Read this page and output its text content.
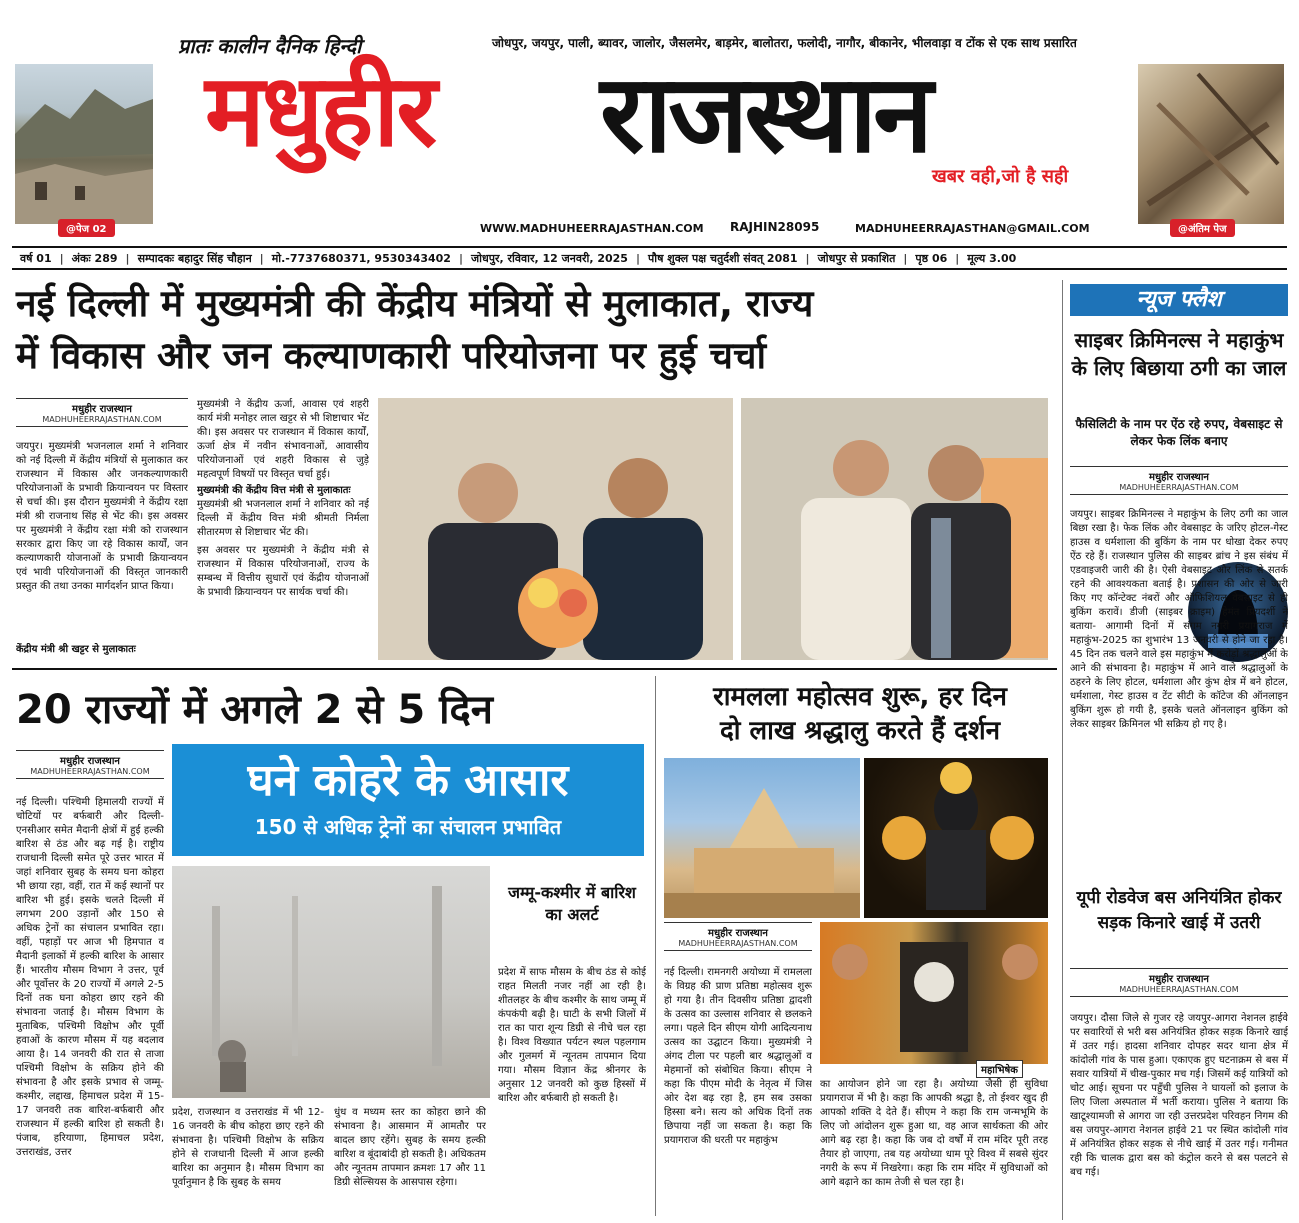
@पेज 02	@अंतिम पेज
प्रातः कालीन दैनिक हिन्दी	जोधपुर, जयपुर, पाली, ब्यावर, जालोर, जैसलमेर, बाड़मेर, बालोतरा, फलोदी, नागौर, बीकानेर, भीलवाड़ा व टोंक से एक साथ प्रसारित
मधुहीर राजस्थान खबर वही,जो है सही
WWW.MADHUHEERRAJASTHAN.COM RAJHIN28095	MADHUHEERRAJASTHAN@GMAIL.COM
वर्ष 01 | अंकः 289 | सम्पादकः बहादुर सिंह चौहान | मो.-7737680371, 9530343402 | जोधपुर, रविवार, 12 जनवरी, 2025 | पौष शुक्ल पक्ष चतुर्दशी संवत् 2081 | जोधपुर से प्रकाशित | पृष्ठ 06 | मूल्य 3.00
नई दिल्ली में मुख्यमंत्री की केंद्रीय मंत्रियों से मुलाकात, राज्य
में विकास और जन कल्याणकारी परियोजना पर हुई चर्चा
मधुहीर राजस्थान
MADHUHEERRAJASTHAN.COM
जयपुर। मुख्यमंत्री भजनलाल शर्मा ने शनिवार को नई दिल्ली में केंद्रीय मंत्रियों से मुलाकात कर राजस्थान में विकास और जनकल्याणकारी परियोजनाओं के प्रभावी क्रियान्वयन पर विस्तार से चर्चा की। इस दौरान मुख्यमंत्री ने केंद्रीय रक्षा मंत्री श्री राजनाथ सिंह से भेंट की। इस अवसर पर मुख्यमंत्री ने केंद्रीय रक्षा मंत्री को राजस्थान सरकार द्वारा किए जा रहे विकास कार्यों, जन कल्याणकारी योजनाओं के प्रभावी क्रियान्वयन एवं भावी परियोजनाओं की विस्तृत जानकारी प्रस्तुत की तथा उनका मार्गदर्शन प्राप्त किया।
केंद्रीय मंत्री श्री खट्टर से मुलाकातः
मुख्यमंत्री ने केंद्रीय ऊर्जा, आवास एवं शहरी कार्य मंत्री मनोहर लाल खट्टर से भी शिष्टाचार भेंट की। इस अवसर पर राजस्थान में विकास कार्यों, ऊर्जा क्षेत्र में नवीन संभावनाओं, आवासीय परियोजनाओं एवं शहरी विकास से जुड़े महत्वपूर्ण विषयों पर विस्तृत चर्चा हुई।
मुख्यमंत्री की केंद्रीय वित्त मंत्री से मुलाकातः
मुख्यमंत्री श्री भजनलाल शर्मा ने शनिवार को नई दिल्ली में केंद्रीय वित्त मंत्री श्रीमती निर्मला सीतारमण से शिष्टाचार भेंट की।
इस अवसर पर मुख्यमंत्री ने केंद्रीय मंत्री से राजस्थान में विकास परियोजनाओं, राज्य के सम्बन्ध में वित्तीय सुधारों एवं केंद्रीय योजनाओं के प्रभावी क्रियान्वयन पर सार्थक चर्चा की।
न्यूज फ्लैश
साइबर क्रिमिनल्स ने महाकुंभ के लिए बिछाया ठगी का जाल
फैसिलिटी के नाम पर ऐंठ रहे रुपए, वेबसाइट से लेकर फेक लिंक बनाए
मधुहीर राजस्थान
MADHUHEERRAJASTHAN.COM
जयपुर। साइबर क्रिमिनल्स ने महाकुंभ के लिए ठगी का जाल बिछा रखा है। फेक लिंक और वेबसाइट के जरिए होटल-गेस्ट हाउस व धर्मशाला की बुकिंग के नाम पर धोखा देकर रुपए ऐंठ रहे हैं। राजस्थान पुलिस की साइबर ब्रांच ने इस संबंध में एडवाइजरी जारी की है। ऐसी वेबसाइट और लिंक से सतर्क रहने की आवश्यकता बताई है। प्रशासन की ओर से जारी किए गए कॉन्टेक्ट नंबरों और ऑफिशियल वेबसाइट से ही बुकिंग करावें। डीजी (साइबर क्राइम) हेमंत प्रियदर्शी ने बताया- आगामी दिनों में संगम नगरी प्रयागराज में महाकुंभ-2025 का शुभारंभ 13 जनवरी से होने जा रहा है। 45 दिन तक चलने वाले इस महाकुंभ में करोड़ों श्रद्धालुओं के आने की संभावना है। महाकुंभ में आने वाले श्रद्धालुओं के ठहरने के लिए होटल, धर्मशाला और कुंभ क्षेत्र में बने होटल, धर्मशाला, गेस्ट हाउस व टेंट सीटी के कॉटेज की ऑनलाइन बुकिंग शुरू हो गयी है, इसके चलते ऑनलाइन बुकिंग को लेकर साइबर क्रिमिनल भी सक्रिय हो गए है।
यूपी रोडवेज बस अनियंत्रित होकर सड़क किनारे खाई में उतरी
मधुहीर राजस्थान
MADHUHEERRAJASTHAN.COM
जयपुर। दौसा जिले से गुजर रहे जयपुर-आगरा नेशनल हाईवे पर सवारियों से भरी बस अनियंत्रित होकर सड़क किनारे खाई में उतर गई। हादसा शनिवार दोपहर सदर थाना क्षेत्र में कांदोली गांव के पास हुआ। एकाएक हुए घटनाक्रम से बस में सवार यात्रियों में चीख-पुकार मच गई। जिसमें कई यात्रियों को चोट आई। सूचना पर पहुँची पुलिस ने घायलों को इलाज के लिए जिला अस्पताल में भर्ती कराया। पुलिस ने बताया कि खाटूश्यामजी से आगरा जा रही उत्तरप्रदेश परिवहन निगम की बस जयपुर-आगरा नेशनल हाईवे 21 पर स्थित कांदोली गांव में अनियंत्रित होकर सड़क से नीचे खाई में उतर गई। गनीमत रही कि चालक द्वारा बस को कंट्रोल करने से बस पलटने से बच गई।
20 राज्यों में अगले 2 से 5 दिन
मधुहीर राजस्थान
MADHUHEERRAJASTHAN.COM	घने कोहरे के आसार
150 से अधिक ट्रेनों का संचालन प्रभावित
नई दिल्ली। पश्चिमी हिमालयी राज्यों में चोटियों पर बर्फबारी और दिल्ली-एनसीआर समेत मैदानी क्षेत्रों में हुई हल्की बारिश से ठंड और बढ़ गई है। राष्ट्रीय राजधानी दिल्ली समेत पूरे उत्तर भारत में जहां शनिवार सुबह के समय घना कोहरा भी छाया रहा, वहीं, रात में कई स्थानों पर बारिश भी हुई। इसके चलते दिल्ली में लगभग 200 उड़ानों और 150 से अधिक ट्रेनों का संचालन प्रभावित रहा। वहीं, पहाड़ों पर आज भी हिमपात व मैदानी इलाकों में हल्की बारिश के आसार हैं। भारतीय मौसम विभाग ने उत्तर, पूर्व और पूर्वोत्तर के 20 राज्यों में अगले 2-5 दिनों तक घना कोहरा छाए रहने की संभावना जताई है। मौसम विभाग के मुताबिक, पश्चिमी विक्षोभ और पूर्वी हवाओं के कारण मौसम में यह बदलाव आया है। 14 जनवरी की रात से ताजा पश्चिमी विक्षोभ के सक्रिय होने की संभावना है और इसके प्रभाव से जम्मू-कश्मीर, लद्दाख, हिमाचल प्रदेश में 15-17 जनवरी तक बारिश-बर्फबारी और राजस्थान में हल्की बारिश हो सकती है। पंजाब, हरियाणा, हिमाचल प्रदेश, उत्तराखंड, उत्तर
प्रदेश, राजस्थान व उत्तराखंड में भी 12-16 जनवरी के बीच कोहरा छाए रहने की संभावना है। पश्चिमी विक्षोभ के सक्रिय होने से राजधानी दिल्ली में आज हल्की बारिश का अनुमान है। मौसम विभाग का पूर्वानुमान है कि सुबह के समय
धुंध व मध्यम स्तर का कोहरा छाने की संभावना है। आसमान में आमतौर पर बादल छाए रहेंगे। सुबह के समय हल्की बारिश व बूंदाबांदी हो सकती है। अधिकतम और न्यूनतम तापमान क्रमशः 17 और 11 डिग्री सेल्सियस के आसपास रहेगा।
जम्मू-कश्मीर में बारिश का अलर्ट
प्रदेश में साफ मौसम के बीच ठंड से कोई राहत मिलती नजर नहीं आ रही है। शीतलहर के बीच कश्मीर के साथ जम्मू में कंपकंपी बढ़ी है। घाटी के सभी जिलों में रात का पारा शून्य डिग्री से नीचे चल रहा है। विश्व विख्यात पर्यटन स्थल पहलगाम और गुलमर्ग में न्यूनतम तापमान दिया गया। मौसम विज्ञान केंद्र श्रीनगर के अनुसार 12 जनवरी को कुछ हिस्सों में बारिश और बर्फबारी हो सकती है।
रामलला महोत्सव शुरू, हर दिन
दो लाख श्रद्धालु करते हैं दर्शन
मधुहीर राजस्थान
MADHUHEERRAJASTHAN.COM
महाभिषेक
नई दिल्ली। रामनगरी अयोध्या में रामलला के विग्रह की प्राण प्रतिष्ठा महोत्सव शुरू हो गया है। तीन दिवसीय प्रतिष्ठा द्वादशी के उत्सव का उल्लास शनिवार से छलकने लगा। पहले दिन सीएम योगी आदित्यनाथ उत्सव का उद्घाटन किया। मुख्यमंत्री ने अंगद टीला पर पहली बार श्रद्धालुओं व मेहमानों को संबोधित किया। सीएम ने कहा कि पीएम मोदी के नेतृत्व में जिस ओर देश बढ़ रहा है, हम सब उसका हिस्सा बने। सत्य को अधिक दिनों तक छिपाया नहीं जा सकता है। कहा कि प्रयागराज की धरती पर महाकुंभ
का आयोजन होने जा रहा है। अयोध्या जैसी ही सुविधा प्रयागराज में भी है। कहा कि आपकी श्रद्धा है, तो ईश्वर खुद ही आपको शक्ति दे देते हैं। सीएम ने कहा कि राम जन्मभूमि के लिए जो आंदोलन शुरू हुआ था, वह आज सार्थकता की ओर आगे बढ़ रहा है। कहा कि जब दो वर्षों में राम मंदिर पूरी तरह तैयार हो जाएगा, तब यह अयोध्या धाम पूरे विश्व में सबसे सुंदर नगरी के रूप में निखरेगा। कहा कि राम मंदिर में सुविधाओं को आगे बढ़ाने का काम तेजी से चल रहा है।
